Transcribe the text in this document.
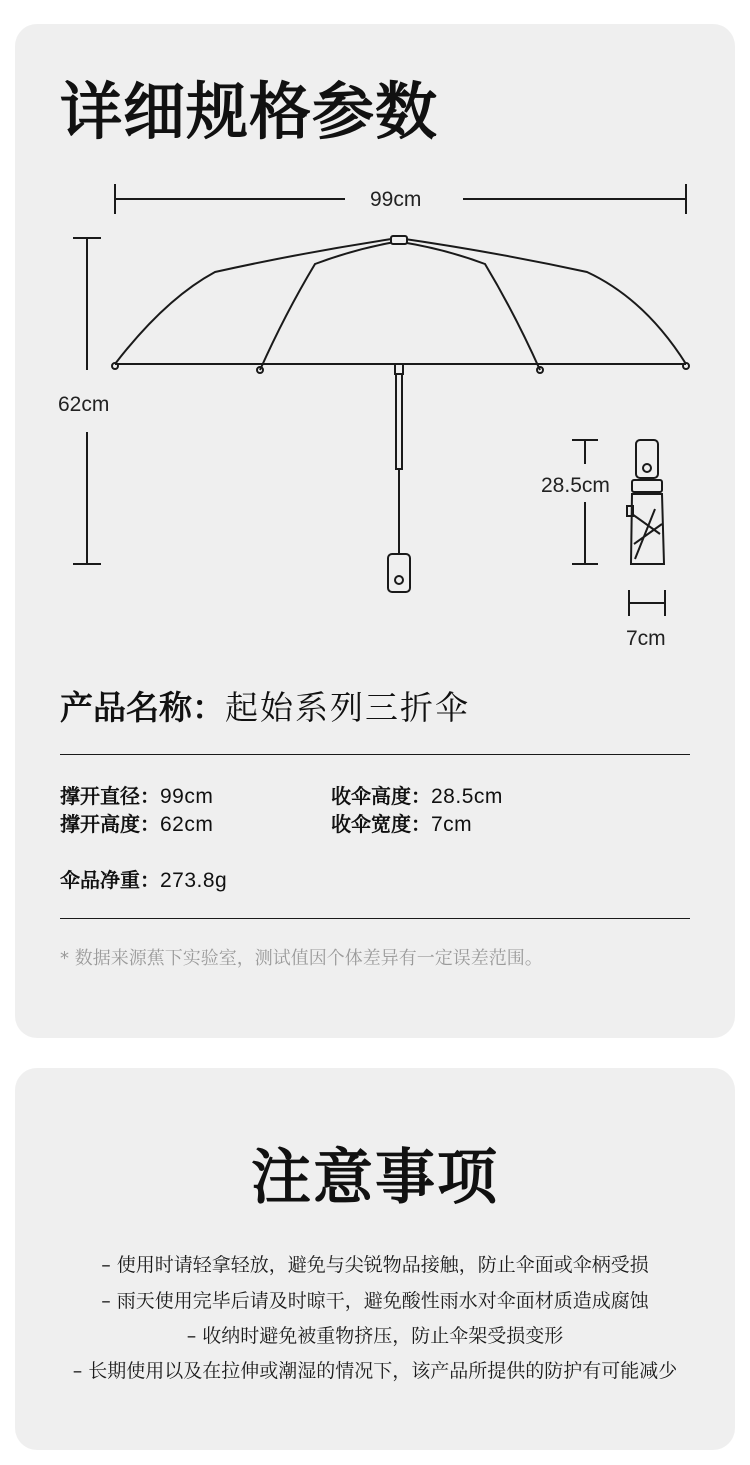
详细规格参数
99cm
62cm
28.5cm
7cm
产品名称：起始系列三折伞
撑开直径：99cm	收伞高度：28.5cm
撑开高度：62cm	收伞宽度：7cm
伞品净重：273.8g
* 数据来源蕉下实验室，测试值因个体差异有一定误差范围。
注意事项
– 使用时请轻拿轻放，避免与尖锐物品接触，防止伞面或伞柄受损
– 雨天使用完毕后请及时晾干，避免酸性雨水对伞面材质造成腐蚀
– 收纳时避免被重物挤压，防止伞架受损变形
– 长期使用以及在拉伸或潮湿的情况下，该产品所提供的防护有可能减少
